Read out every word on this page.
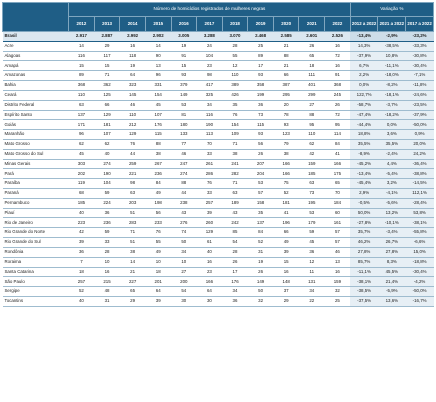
	Número de homicídios registrados de mulheres negras											Variação %		
	2012	2013	2014	2015	2016	2017	2018	2019	2020	2021	2022	2012 a 2022	2021 a 2022	2017 a 2022
Brasil	2.917	2.887	2.992	2.902	3.005	3.288	3.070	2.468	2.585	2.601	2.526	-13,4%	-2,9%	-23,2%
Acre	14	29	16	14	19	24	28	25	21	26	16	14,3%	-38,5%	-33,3%
Alagoas	116	117	118	90	91	104	55	89	88	65	72	-37,9%	10,8%	-30,8%
Amapá	15	15	19	13	15	23	12	17	21	18	16	6,7%	-11,1%	-30,4%
Amazonas	89	71	64	96	93	98	110	93	66	111	91	2,2%	-18,0%	-7,1%
Bahia	368	362	323	331	379	417	389	358	387	401	368	0,0%	-8,2%	-11,8%
Ceará	110	125	145	154	149	325	426	199	295	299	245	122,7%	-18,1%	-24,6%
Distrito Federal	63	66	46	45	53	34	35	36	20	27	26	-58,7%	-3,7%	-23,5%
Espírito Santo	137	129	110	107	81	116	76	73	78	88	72	-47,4%	-18,2%	-37,9%
Goiás	171	181	212	176	180	190	154	115	93	95	95	-44,4%	0,0%	-50,0%
Maranhão	96	107	129	115	133	113	109	93	123	110	114	18,8%	3,6%	0,9%
Mato Grosso	62	62	76	88	77	70	71	56	79	62	84	35,5%	35,5%	20,0%
Mato Grosso do Sul	45	40	44	38	46	33	38	26	38	42	41	-8,9%	-2,4%	24,2%
Minas Gerais	303	274	259	267	247	261	241	207	166	159	166	-45,2%	4,4%	-36,4%
Pará	202	190	221	236	274	286	282	204	166	185	175	-13,4%	-5,4%	-38,8%
Paraíba	119	104	98	84	88	76	71	53	75	63	65	-45,4%	3,2%	-14,5%
Paraná	68	59	63	49	44	33	63	57	52	73	70	2,9%	-4,1%	112,1%
Pernambuco	185	224	203	198	238	257	189	158	181	195	184	-0,5%	-5,6%	-28,4%
Piauí	40	36	51	56	43	39	43	35	41	53	60	50,0%	13,2%	53,8%
Rio de Janeiro	223	236	283	233	276	260	242	137	196	179	161	-27,8%	-10,1%	-38,1%
Rio Grande do Norte	42	59	71	76	74	129	85	84	66	59	57	35,7%	-3,4%	-55,8%
Rio Grande do Sul	39	33	51	55	50	61	54	52	49	45	57	46,2%	26,7%	-6,6%
Rondônia	36	28	38	49	34	40	28	31	39	36	46	27,8%	27,8%	15,0%
Roraima	7	10	14	10	10	16	26	19	15	12	13	85,7%	8,3%	-18,8%
Santa Catarina	18	16	21	18	27	23	17	26	16	11	16	-11,1%	45,5%	-30,4%
São Paulo	257	215	227	201	200	166	176	149	148	131	159	-38,1%	21,4%	-4,2%
Sergipe	52	48	65	64	54	64	34	50	37	34	32	-38,5%	-5,9%	-50,0%
Tocantins	40	31	29	39	30	30	36	32	29	22	25	-37,5%	13,6%	-16,7%
